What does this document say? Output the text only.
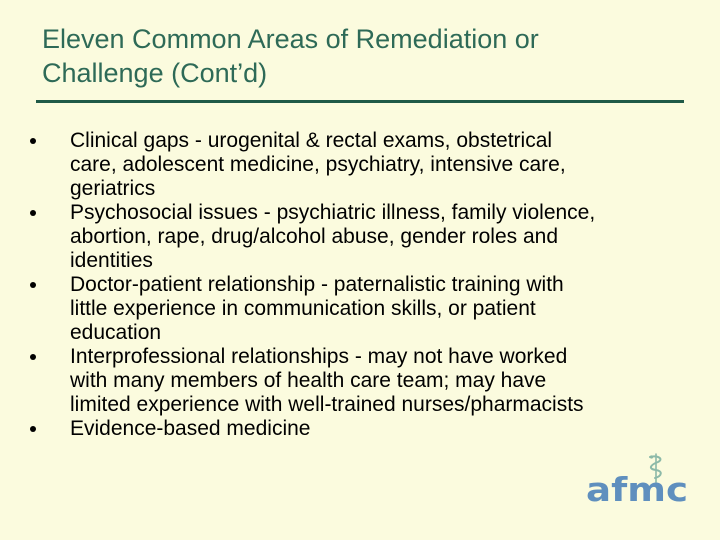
Eleven Common Areas of Remediation or
Challenge (Cont’d)
Clinical gaps - urogenital & rectal exams, obstetrical
care, adolescent medicine, psychiatry, intensive care,
geriatrics
Psychosocial issues - psychiatric illness, family violence,
abortion, rape, drug/alcohol abuse, gender roles and
identities
Doctor-patient relationship - paternalistic training with
little experience in communication skills, or patient
education
Interprofessional relationships - may not have worked
with many members of health care team; may have
limited experience with well-trained nurses/pharmacists
Evidence-based medicine
afmc
